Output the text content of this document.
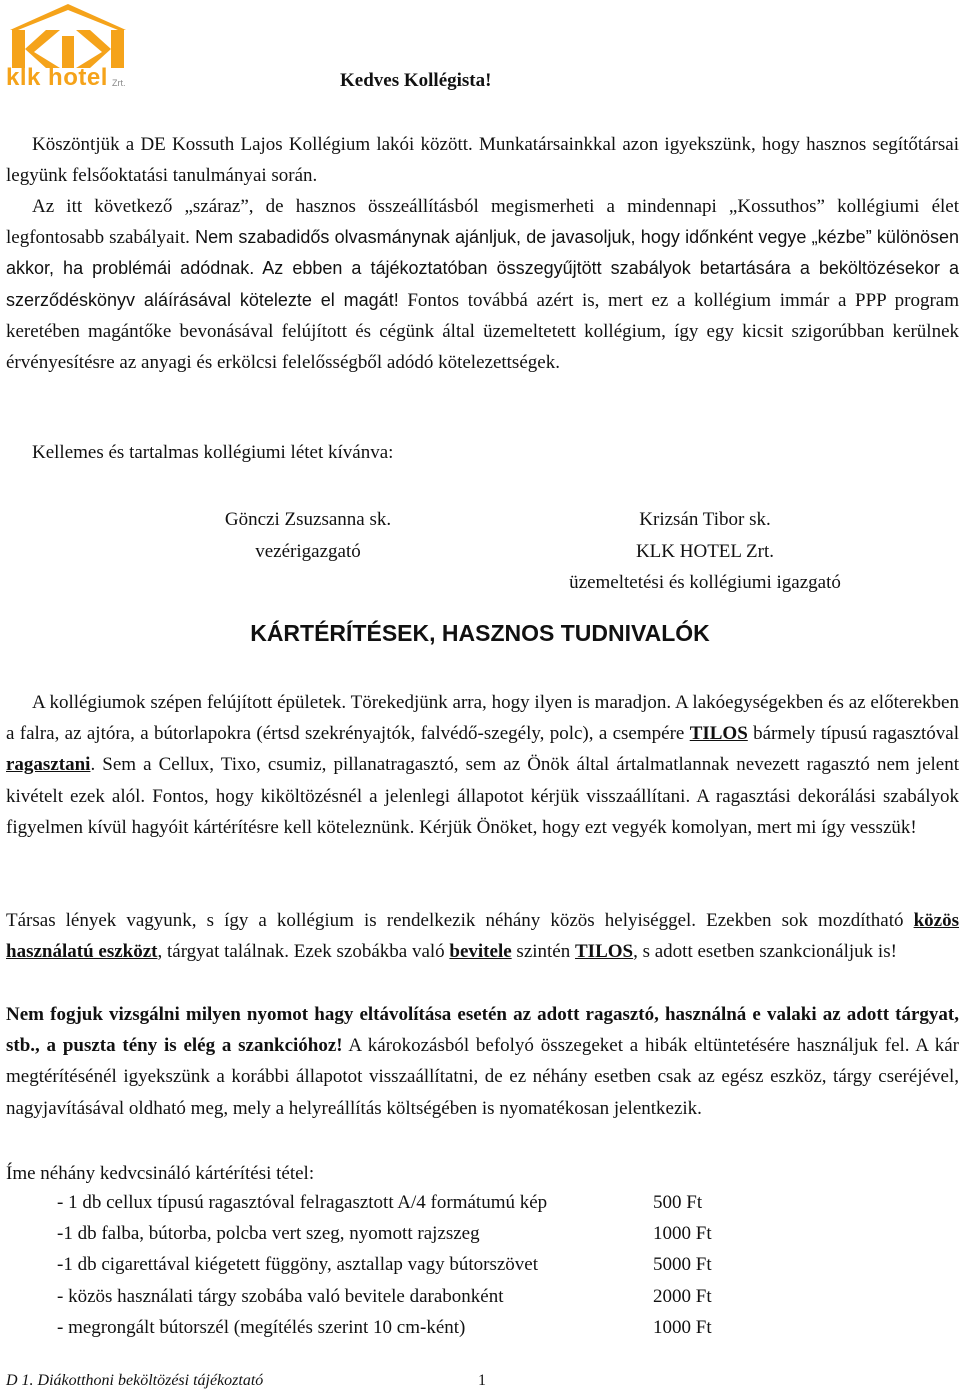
klk hotel Zrt.	Kedves Kollégista!
Köszöntjük a DE Kossuth Lajos Kollégium lakói között. Munkatársainkkal azon igyekszünk, hogy hasznos segítőtársai legyünk felsőoktatási tanulmányai során.
Az itt következő „száraz”, de hasznos összeállításból megismerheti a mindennapi „Kossuthos” kollégiumi élet legfontosabb szabályait. Nem szabadidős olvasmánynak ajánljuk, de javasoljuk, hogy időnként vegye „kézbe” különösen akkor, ha problémái adódnak. Az ebben a tájékoztatóban összegyűjtött szabályok betartására a beköltözésekor a szerződéskönyv aláírásával kötelezte el magát! Fontos továbbá azért is, mert ez a kollégium immár a PPP program keretében magántőke bevonásával felújított és cégünk által üzemeltetett kollégium, így egy kicsit szigorúbban kerülnek érvényesítésre az anyagi és erkölcsi felelősségből adódó kötelezettségek.
Kellemes és tartalmas kollégiumi létet kívánva:
Gönczi Zsuzsanna sk.
vezérigazgató
Krizsán Tibor sk.
KLK HOTEL Zrt.
üzemeltetési és kollégiumi igazgató
KÁRTÉRÍTÉSEK, HASZNOS TUDNIVALÓK
A kollégiumok szépen felújított épületek. Törekedjünk arra, hogy ilyen is maradjon. A lakóegységekben és az előterekben a falra, az ajtóra, a bútorlapokra (értsd szekrényajtók, falvédő-szegély, polc), a csempére TILOS bármely típusú ragasztóval ragasztani. Sem a Cellux, Tixo, csumiz, pillanatragasztó, sem az Önök által ártalmatlannak nevezett ragasztó nem jelent kivételt ezek alól. Fontos, hogy kiköltözésnél a jelenlegi állapotot kérjük visszaállítani. A ragasztási dekorálási szabályok figyelmen kívül hagyóit kártérítésre kell köteleznünk. Kérjük Önöket, hogy ezt vegyék komolyan, mert mi így vesszük!
Társas lények vagyunk, s így a kollégium is rendelkezik néhány közös helyiséggel. Ezekben sok mozdítható közös használatú eszközt, tárgyat találnak. Ezek szobákba való bevitele szintén TILOS, s adott esetben szankcionáljuk is!
Nem fogjuk vizsgálni milyen nyomot hagy eltávolítása esetén az adott ragasztó, használná e valaki az adott tárgyat, stb., a puszta tény is elég a szankcióhoz! A károkozásból befolyó összegeket a hibák eltüntetésére használjuk fel. A kár megtérítésénél igyekszünk a korábbi állapotot visszaállítatni, de ez néhány esetben csak az egész eszköz, tárgy cseréjével, nagyjavításával oldható meg, mely a helyreállítás költségében is nyomatékosan jelentkezik.
Íme néhány kedvcsináló kártérítési tétel:
- 1 db cellux típusú ragasztóval felragasztott A/4 formátumú kép	500 Ft
-1 db falba, bútorba, polcba vert szeg, nyomott rajzszeg	1000 Ft
-1 db cigarettával kiégetett függöny, asztallap vagy bútorszövet	5000 Ft
- közös használati tárgy szobába való bevitele darabonként	2000 Ft
- megrongált bútorszél (megítélés szerint 10 cm-ként)	1000 Ft
D 1. Diákotthoni beköltözési tájékoztató	1
